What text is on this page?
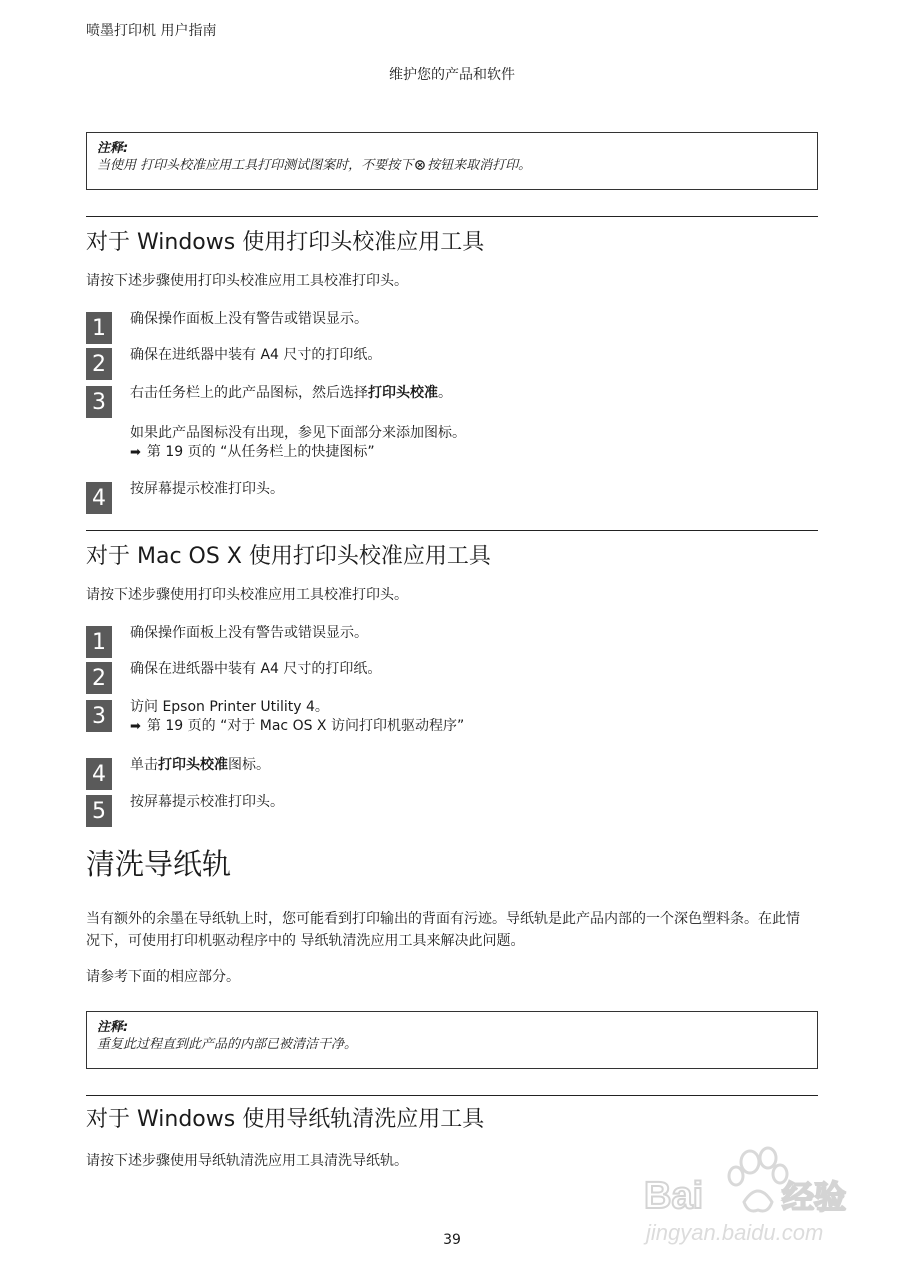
喷墨打印机 用户指南
维护您的产品和软件
注释:
当使用 打印头校准应用工具打印测试图案时，不要按下 按钮来取消打印。
对于 Windows 使用打印头校准应用工具
请按下述步骤使用打印头校准应用工具校准打印头。
1	确保操作面板上没有警告或错误显示。
2	确保在进纸器中装有 A4 尺寸的打印纸。
3	右击任务栏上的此产品图标，然后选择打印头校准。
如果此产品图标没有出现，参见下面部分来添加图标。
➡ 第 19 页的 “从任务栏上的快捷图标”
4	按屏幕提示校准打印头。
对于 Mac OS X 使用打印头校准应用工具
请按下述步骤使用打印头校准应用工具校准打印头。
1	确保操作面板上没有警告或错误显示。
2	确保在进纸器中装有 A4 尺寸的打印纸。
3	访问 Epson Printer Utility 4。
➡ 第 19 页的 “对于 Mac OS X 访问打印机驱动程序”
4	单击打印头校准图标。
5	按屏幕提示校准打印头。
清洗导纸轨
当有额外的余墨在导纸轨上时，您可能看到打印输出的背面有污迹。导纸轨是此产品内部的一个深色塑料条。在此情况下，可使用打印机驱动程序中的 导纸轨清洗应用工具来解决此问题。
请参考下面的相应部分。
注释:
重复此过程直到此产品的内部已被清洁干净。
对于 Windows 使用导纸轨清洗应用工具
请按下述步骤使用导纸轨清洗应用工具清洗导纸轨。
Bai 经验
jingyan.baidu.com
39
